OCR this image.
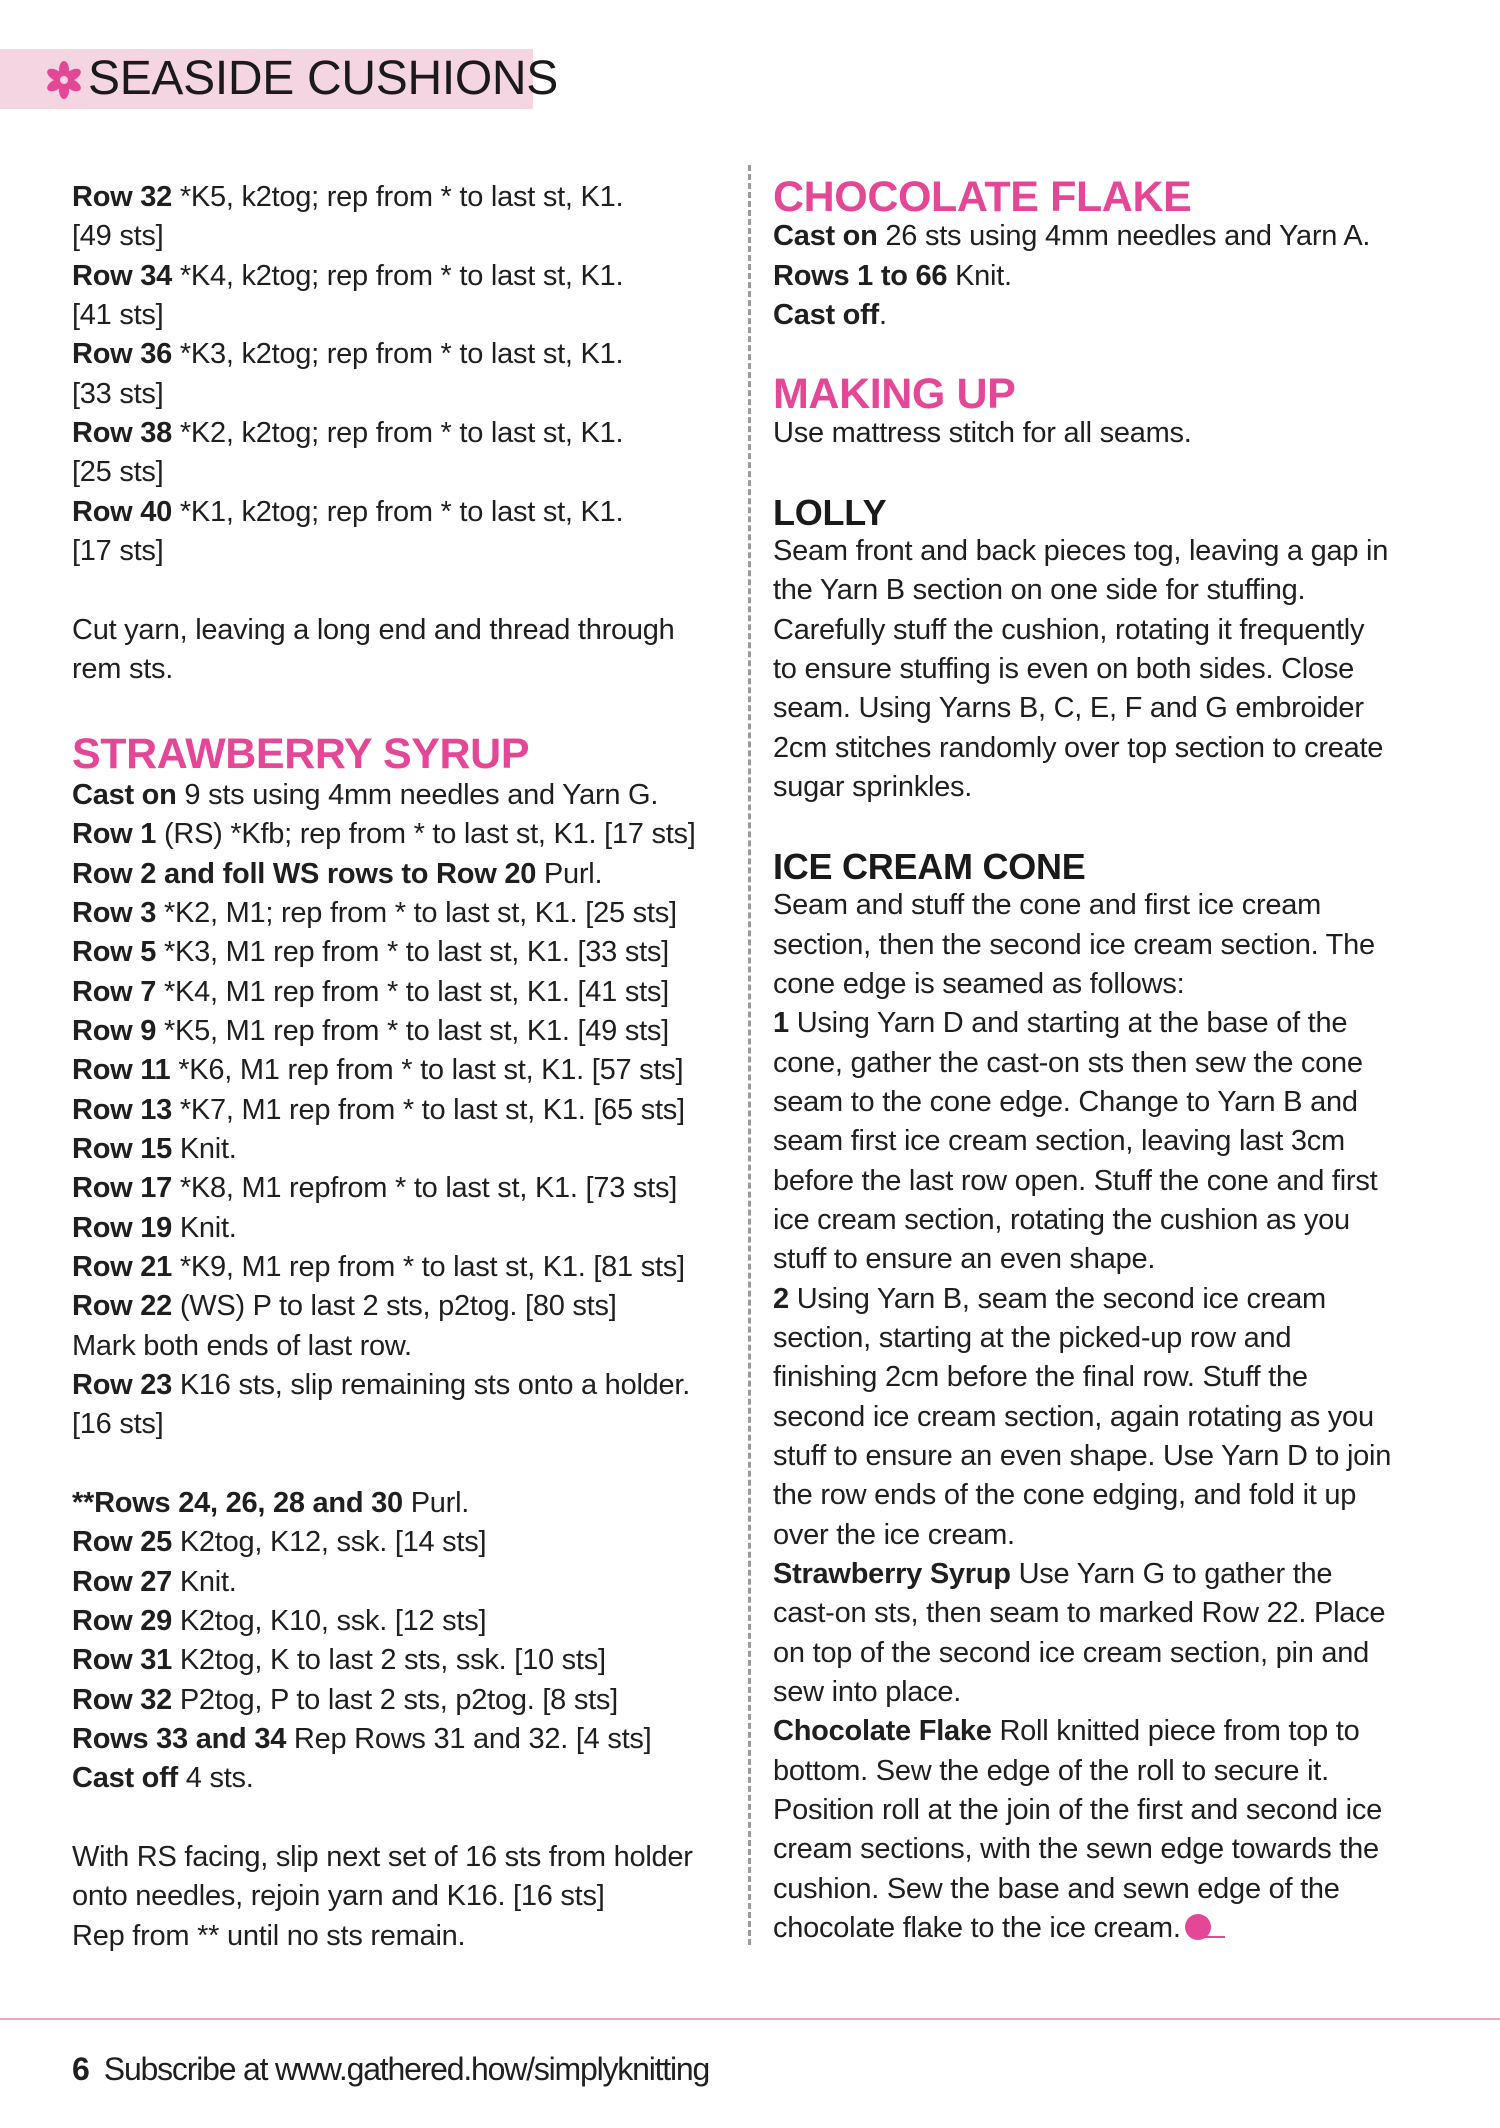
SEASIDE CUSHIONS
Row 32 *K5, k2tog; rep from * to last st, K1.
[49 sts]
Row 34 *K4, k2tog; rep from * to last st, K1.
[41 sts]
Row 36 *K3, k2tog; rep from * to last st, K1.
[33 sts]
Row 38 *K2, k2tog; rep from * to last st, K1.
[25 sts]
Row 40 *K1, k2tog; rep from * to last st, K1.
[17 sts]
Cut yarn, leaving a long end and thread through
rem sts.
STRAWBERRY SYRUP
Cast on 9 sts using 4mm needles and Yarn G.
Row 1 (RS) *Kfb; rep from * to last st, K1. [17 sts]
Row 2 and foll WS rows to Row 20 Purl.
Row 3 *K2, M1; rep from * to last st, K1. [25 sts]
Row 5 *K3, M1 rep from * to last st, K1. [33 sts]
Row 7 *K4, M1 rep from * to last st, K1. [41 sts]
Row 9 *K5, M1 rep from * to last st, K1. [49 sts]
Row 11 *K6, M1 rep from * to last st, K1. [57 sts]
Row 13 *K7, M1 rep from * to last st, K1. [65 sts]
Row 15 Knit.
Row 17 *K8, M1 repfrom * to last st, K1. [73 sts]
Row 19 Knit.
Row 21 *K9, M1 rep from * to last st, K1. [81 sts]
Row 22 (WS) P to last 2 sts, p2tog. [80 sts]
Mark both ends of last row.
Row 23 K16 sts, slip remaining sts onto a holder.
[16 sts]
**Rows 24, 26, 28 and 30 Purl.
Row 25 K2tog, K12, ssk. [14 sts]
Row 27 Knit.
Row 29 K2tog, K10, ssk. [12 sts]
Row 31 K2tog, K to last 2 sts, ssk. [10 sts]
Row 32 P2tog, P to last 2 sts, p2tog. [8 sts]
Rows 33 and 34 Rep Rows 31 and 32. [4 sts]
Cast off 4 sts.
With RS facing, slip next set of 16 sts from holder
onto needles, rejoin yarn and K16. [16 sts]
Rep from ** until no sts remain.
CHOCOLATE FLAKE
Cast on 26 sts using 4mm needles and Yarn A.
Rows 1 to 66 Knit.
Cast off.
MAKING UP
Use mattress stitch for all seams.
LOLLY
Seam front and back pieces tog, leaving a gap in
the Yarn B section on one side for stuffing.
Carefully stuff the cushion, rotating it frequently
to ensure stuffing is even on both sides. Close
seam. Using Yarns B, C, E, F and G embroider
2cm stitches randomly over top section to create
sugar sprinkles.
ICE CREAM CONE
Seam and stuff the cone and first ice cream
section, then the second ice cream section. The
cone edge is seamed as follows:
1 Using Yarn D and starting at the base of the
cone, gather the cast-on sts then sew the cone
seam to the cone edge. Change to Yarn B and
seam first ice cream section, leaving last 3cm
before the last row open. Stuff the cone and first
ice cream section, rotating the cushion as you
stuff to ensure an even shape.
2 Using Yarn B, seam the second ice cream
section, starting at the picked-up row and
finishing 2cm before the final row. Stuff the
second ice cream section, again rotating as you
stuff to ensure an even shape. Use Yarn D to join
the row ends of the cone edging, and fold it up
over the ice cream.
Strawberry Syrup Use Yarn G to gather the
cast-on sts, then seam to marked Row 22. Place
on top of the second ice cream section, pin and
sew into place.
Chocolate Flake Roll knitted piece from top to
bottom. Sew the edge of the roll to secure it.
Position roll at the join of the first and second ice
cream sections, with the sewn edge towards the
cushion. Sew the base and sewn edge of the
chocolate flake to the ice cream.
6 Subscribe at www.gathered.how/simplyknitting
